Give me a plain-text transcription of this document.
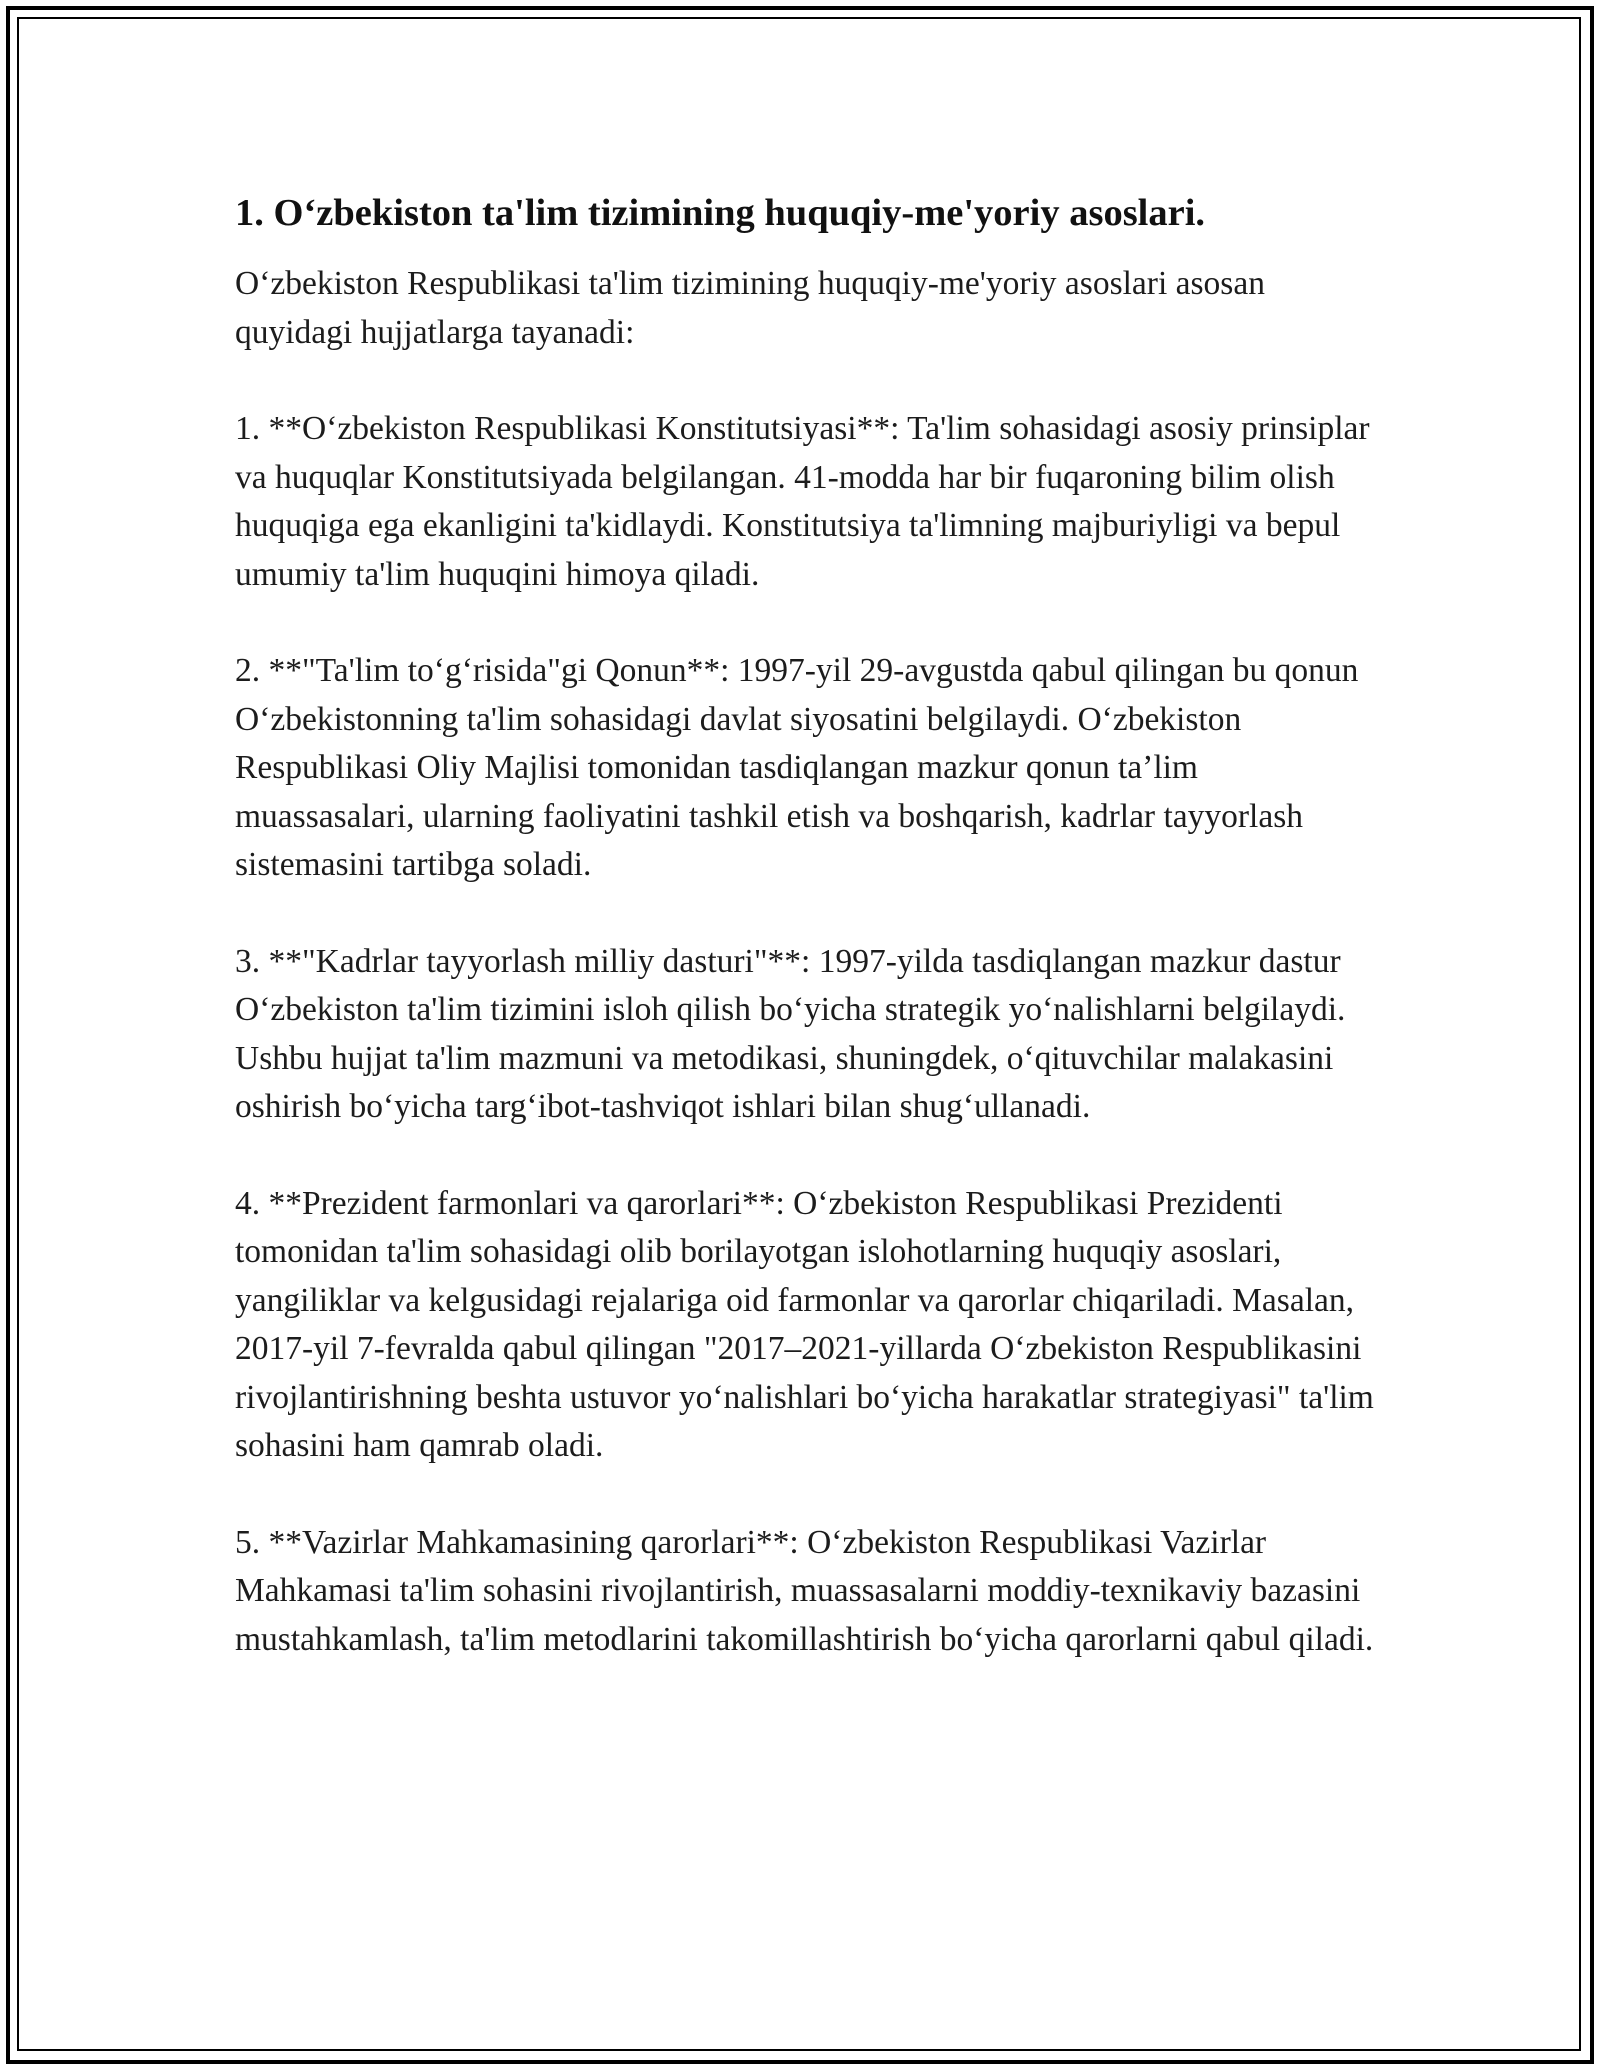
1. O‘zbekiston ta'lim tizimining huquqiy-me'yoriy asoslari.

O‘zbekiston Respublikasi ta'lim tizimining huquqiy-me'yoriy asoslari asosan quyidagi hujjatlarga tayanadi:

1. **O‘zbekiston Respublikasi Konstitutsiyasi**: Ta'lim sohasidagi asosiy prinsiplar va huquqlar Konstitutsiyada belgilangan. 41-modda har bir fuqaroning bilim olish huquqiga ega ekanligini ta'kidlaydi. Konstitutsiya ta'limning majburiyligi va bepul umumiy ta'lim huquqini himoya qiladi.

2. **"Ta'lim to‘g‘risida"gi Qonun**: 1997-yil 29-avgustda qabul qilingan bu qonun O‘zbekistonning ta'lim sohasidagi davlat siyosatini belgilaydi. O‘zbekiston Respublikasi Oliy Majlisi tomonidan tasdiqlangan mazkur qonun ta’lim muassasalari, ularning faoliyatini tashkil etish va boshqarish, kadrlar tayyorlash sistemasini tartibga soladi.

3. **"Kadrlar tayyorlash milliy dasturi"**: 1997-yilda tasdiqlangan mazkur dastur O‘zbekiston ta'lim tizimini isloh qilish bo‘yicha strategik yo‘nalishlarni belgilaydi. Ushbu hujjat ta'lim mazmuni va metodikasi, shuningdek, o‘qituvchilar malakasini oshirish bo‘yicha targ‘ibot-tashviqot ishlari bilan shug‘ullanadi.

4. **Prezident farmonlari va qarorlari**: O‘zbekiston Respublikasi Prezidenti tomonidan ta'lim sohasidagi olib borilayotgan islohotlarning huquqiy asoslari, yangiliklar va kelgusidagi rejalariga oid farmonlar va qarorlar chiqariladi. Masalan, 2017-yil 7-fevralda qabul qilingan "2017–2021-yillarda O‘zbekiston Respublikasini rivojlantirishning beshta ustuvor yo‘nalishlari bo‘yicha harakatlar strategiyasi" ta'lim sohasini ham qamrab oladi.

5. **Vazirlar Mahkamasining qarorlari**: O‘zbekiston Respublikasi Vazirlar Mahkamasi ta'lim sohasini rivojlantirish, muassasalarni moddiy-texnikaviy bazasini mustahkamlash, ta'lim metodlarini takomillashtirish bo‘yicha qarorlarni qabul qiladi.
